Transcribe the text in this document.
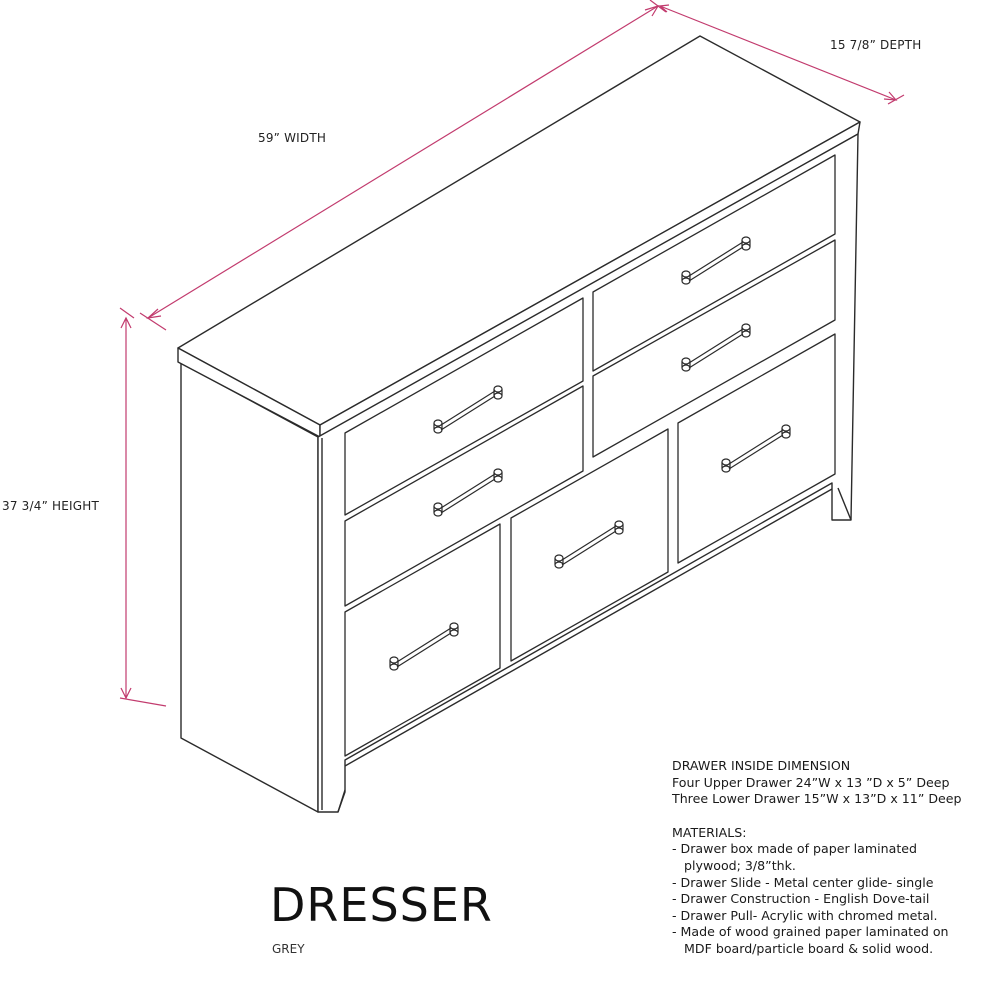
15 7/8” DEPTH
59” WIDTH
37 3/4” HEIGHT
DRESSER
GREY
DRAWER INSIDE DIMENSION
Four Upper Drawer 24”W x 13 ”D x 5” Deep
Three Lower Drawer 15”W x 13”D x 11” Deep
MATERIALS:
- Drawer box made of paper laminated
plywood; 3/8”thk.
- Drawer Slide - Metal center glide- single
- Drawer Construction - English Dove-tail
- Drawer Pull- Acrylic with chromed metal.
- Made of wood grained paper laminated on
MDF board/particle board & solid wood.
